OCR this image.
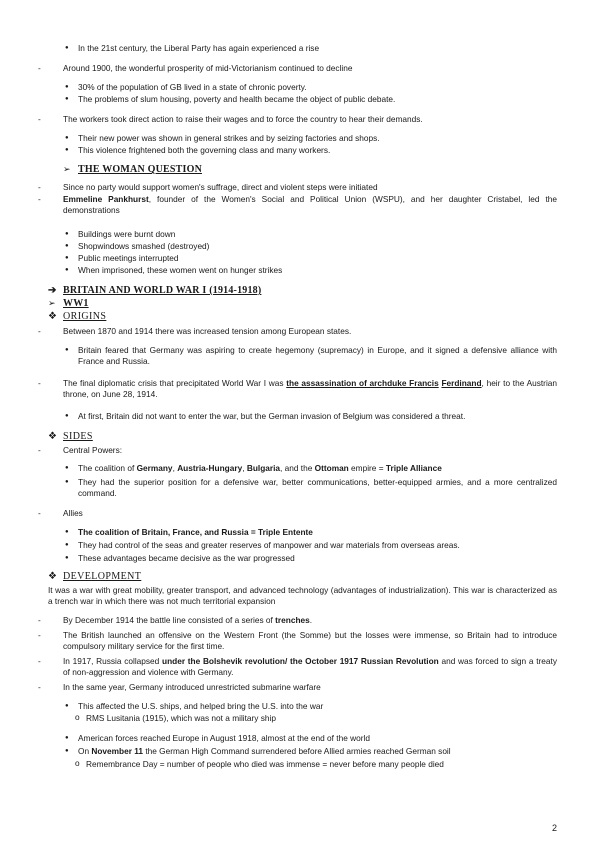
● In the 21st century, the Liberal Party has again experienced a rise
- Around 1900, the wonderful prosperity of mid-Victorianism continued to decline
● 30% of the population of GB lived in a state of chronic poverty.
● The problems of slum housing, poverty and health became the object of public debate.
- The workers took direct action to raise their wages and to force the country to hear their demands.
● Their new power was shown in general strikes and by seizing factories and shops.
● This violence frightened both the governing class and many workers.
➢ THE WOMAN QUESTION
- Since no party would support women's suffrage, direct and violent steps were initiated
- Emmeline Pankhurst, founder of the Women's Social and Political Union (WSPU), and her daughter Cristabel, led the demonstrations
● Buildings were burnt down
● Shopwindows smashed (destroyed)
● Public meetings interrupted
● When imprisoned, these women went on hunger strikes
➔ BRITAIN AND WORLD WAR I (1914-1918)
➢ WW1
❖ ORIGINS
- Between 1870 and 1914 there was increased tension among European states.
● Britain feared that Germany was aspiring to create hegemony (supremacy) in Europe, and it signed a defensive alliance with France and Russia.
- The final diplomatic crisis that precipitated World War I was the assassination of archduke Francis Ferdinand, heir to the Austrian throne, on June 28, 1914.
● At first, Britain did not want to enter the war, but the German invasion of Belgium was considered a threat.
❖ SIDES
- Central Powers:
● The coalition of Germany, Austria-Hungary, Bulgaria, and the Ottoman empire = Triple Alliance
● They had the superior position for a defensive war, better communications, better-equipped armies, and a more centralized command.
- Allies
● The coalition of Britain, France, and Russia = Triple Entente
● They had control of the seas and greater reserves of manpower and war materials from overseas areas.
● These advantages became decisive as the war progressed
❖ DEVELOPMENT
It was a war with great mobility, greater transport, and advanced technology (advantages of industrialization). This war is characterized as a trench war in which there was not much territorial expansion
- By December 1914 the battle line consisted of a series of trenches.
- The British launched an offensive on the Western Front (the Somme) but the losses were immense, so Britain had to introduce compulsory military service for the first time.
- In 1917, Russia collapsed under the Bolshevik revolution/ the October 1917 Russian Revolution and was forced to sign a treaty of non-aggression and violence with Germany.
- In the same year, Germany introduced unrestricted submarine warfare
● This affected the U.S. ships, and helped bring the U.S. into the war
o RMS Lusitania (1915), which was not a military ship
● American forces reached Europe in August 1918, almost at the end of the world
● On November 11 the German High Command surrendered before Allied armies reached German soil
o Remembrance Day = number of people who died was immense = never before many people died
2
